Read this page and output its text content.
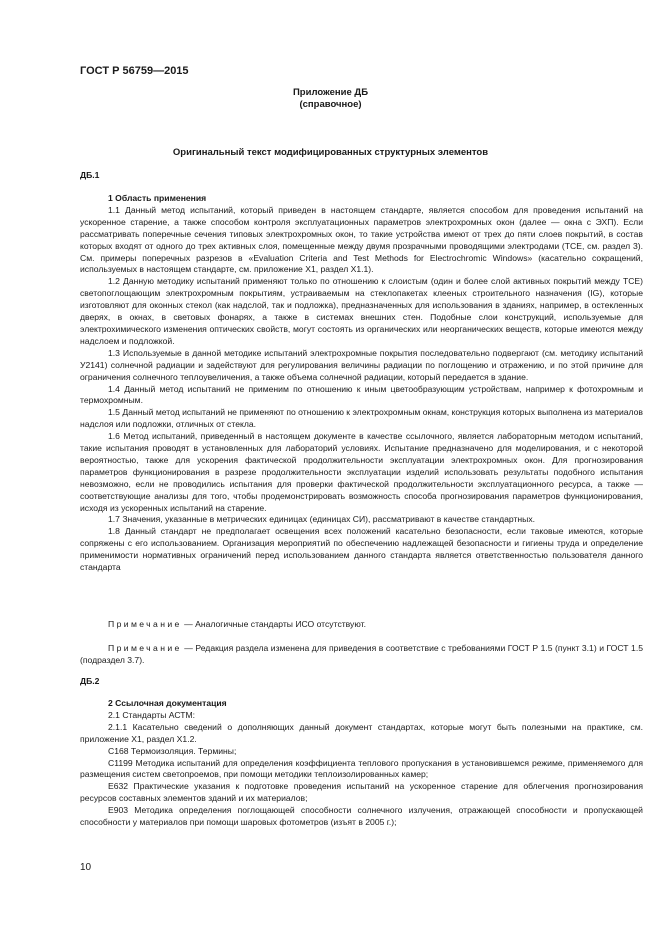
ГОСТ Р 56759—2015
Приложение ДБ
(справочное)
Оригинальный текст модифицированных структурных элементов

ДБ.1

1 Область применения

1.1 Данный метод испытаний, который приведен в настоящем стандарте, является способом для проведения испытаний на ускоренное старение, а также способом контроля эксплуатационных параметров электрохромных окон (далее — окна с ЭХП). Если рассматривать поперечные сечения типовых электрохромных окон, то такие устройства имеют от трех до пяти слоев покрытий, в состав которых входят от одного до трех активных слоя, помещенные между двумя прозрачными проводящими электродами (TCE, см. раздел 3). См. примеры поперечных разрезов в «Evaluation Criteria and Test Methods for Electrochromic Windows» (касательно сокращений, используемых в настоящем стандарте, см. приложение X1, раздел X1.1).

1.2 Данную методику испытаний применяют только по отношению к слоистым (один и более слой активных покрытий между TCE) светопоглощающим электрохромным покрытиям, устраиваемым на стеклопакетах клееных строительного назначения (IG), которые изготовляют для оконных стекол (как надслой, так и подложка), предназначенных для использования в зданиях, например, в остекленных дверях, в окнах, в световых фонарях, а также в системах внешних стен. Подобные слои конструкций, используемые для электрохимического изменения оптических свойств, могут состоять из органических или неорганических веществ, которые имеются между надслоем и подложкой.

1.3 Используемые в данной методике испытаний электрохромные покрытия последовательно подвергают (см. методику испытаний У2141) солнечной радиации и задействуют для регулирования величины радиации по поглощению и отражению, и по этой причине для ограничения солнечного теплоувеличения, а также объема солнечной радиации, который передается в здание.

1.4 Данный метод испытаний не применим по отношению к иным цветообразующим устройствам, например к фотохромным и термохромным.

1.5 Данный метод испытаний не применяют по отношению к электрохромным окнам, конструкция которых выполнена из материалов надслоя или подложки, отличных от стекла.

1.6 Метод испытаний, приведенный в настоящем документе в качестве ссылочного, является лабораторным методом испытаний, такие испытания проводят в установленных для лабораторий условиях. Испытание предназначено для моделирования, и с некоторой вероятностью, также для ускорения фактической продолжительности эксплуатации электрохромных окон. Для прогнозирования параметров функционирования в разрезе продолжительности эксплуатации изделий использовать результаты подобного испытания невозможно, если не проводились испытания для проверки фактической продолжительности эксплуатационного ресурса, а также — соответствующие анализы для того, чтобы продемонстрировать возможность способа прогнозирования параметров функционирования, исходя из ускоренных испытаний на старение.

1.7 Значения, указанные в метрических единицах (единицах СИ), рассматривают в качестве стандартных.

1.8 Данный стандарт не предполагает освещения всех положений касательно безопасности, если таковые имеются, которые сопряжены с его использованием. Организация мероприятий по обеспечению надлежащей безопасности и гигиены труда и определение применимости нормативных ограничений перед использованием данного стандарта является ответственностью пользователя данного стандарта

Примечание — Аналогичные стандарты ИСО отсутствуют.

Примечание — Редакция раздела изменена для приведения в соответствие с требованиями ГОСТ Р 1.5 (пункт 3.1) и ГОСТ 1.5 (подраздел 3.7).

ДБ.2

2 Ссылочная документация

2.1 Стандарты АСТМ:

2.1.1 Касательно сведений о дополняющих данный документ стандартах, которые могут быть полезными на практике, см. приложение X1, раздел X1.2.

C168 Термоизоляция. Термины;

C1199 Методика испытаний для определения коэффициента теплового пропускания в установившемся режиме, применяемого для размещения систем светопроемов, при помощи методики теплоизолированных камер;

E632 Практические указания к подготовке проведения испытаний на ускоренное старение для облегчения прогнозирования ресурсов составных элементов зданий и их материалов;

E903 Методика определения поглощающей способности солнечного излучения, отражающей способности и пропускающей способности у материалов при помощи шаровых фотометров (изъят в 2005 г.);

10
